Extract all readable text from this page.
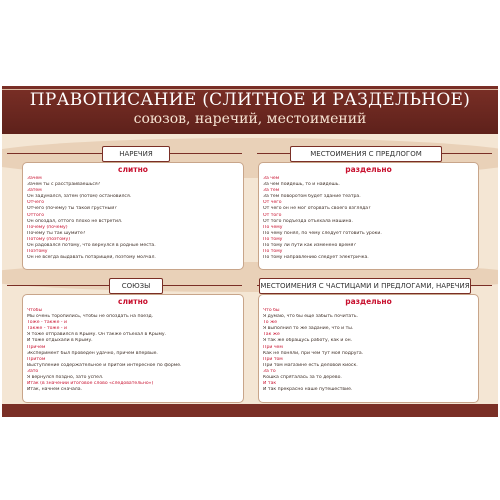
ПРАВОПИСАНИЕ (СЛИТНОЕ И РАЗДЕЛЬНОЕ)
союзов, наречий, местоимений
НАРЕЧИЯ	МЕСТОИМЕНИЯ С ПРЕДЛОГОМ
СОЮЗЫ	МЕСТОИМЕНИЯ С ЧАСТИЦАМИ И ПРЕДЛОГАМИ, НАРЕЧИЯ
слитно
Зачем
Зачем ты с расстраиваешься?
Затем
Он задумался, затем (потом) остановился.
Отчего
Отчего (почему) ты такой грустный?
Оттого
Он опоздал, оттого плохо не встретил.
Почему (почему)
Почему ты так шумите?
Потому (поэтому)
Он радовался потому, что вернулся в родные места.
Поэтому
Он не всегда выдавать потарищей, поэтому молчал.
раздельно
За чем
За чем пойдешь, то и найдешь.
За тем
За тем поворотом будет здание театра.
От чего
От чего он не мог оторвать своего взгляда?
От того
От того подъезда отъехала машина.
По чему
По чему понял, по чему следует готовить уроки.
По тому
По тому ли пути как изменено время?
По тому
По тому направлению следует электричка.
слитно
Чтобы
Мы очень торопились, чтобы не опоздать на поезд.
Тоже - также - и
Также - тоже - и
Я тоже отправился в Крыму. Он также отъехал в Крыму.
И тоже отдыхали в Крыму.
Причем
Эксперимент был проведен удачно, причем впервые.
Притом
Выступление содержательное и притом интересное по форме.
Зато
Я вернулся поздно, зато успел.
Итак (в значении итоговое слово «следовательно»)
Итак, начнем сначала.
раздельно
Что бы
Я думаю, что бы еще забыть почитать.
То же
Я выполнил то же задание, что и ты.
Так же
Я так же обращусь работу, как и он.
При чем
Как не поняли, при чем тут моя подруга.
При том
При том магазине есть деловой киоск.
За то
Кошка спряталась за то дерево.
И так
И так прекрасно наше путешествие.
